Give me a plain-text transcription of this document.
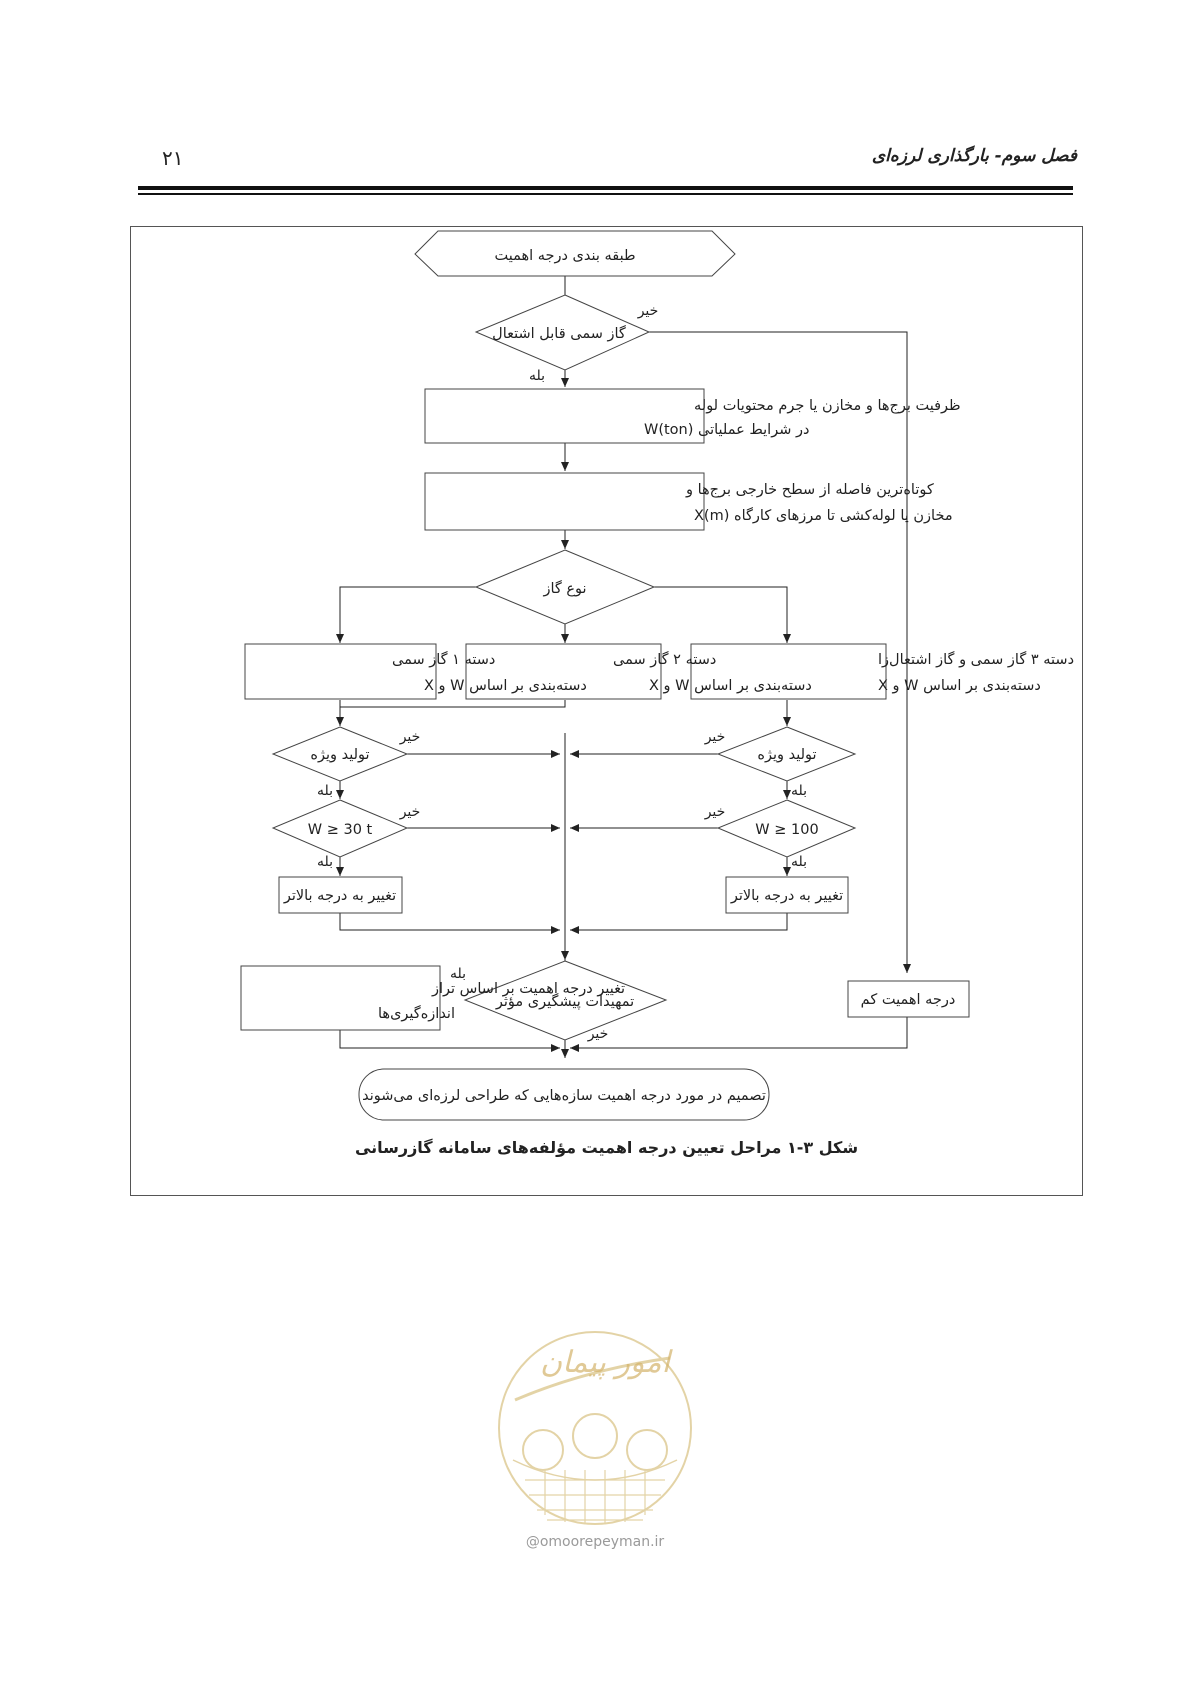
۲۱	فصل سوم- بارگذاری لرزه‌ای
طبقه بندی درجه اهمیت
گاز سمی قابل اشتعال
ظرفیت برج‌ها و مخازن یا جرم محتویات لوله
در شرایط عملیاتی W(ton)
کوتاه‌ترین فاصله از سطح خارجی برج‌ها و
مخازن یا لوله‌کشی تا مرزهای کارگاه X(m)
نوع گاز
دسته ۱ گاز سمی
دسته‌بندی بر اساس W و X
دسته ۲ گاز سمی
دسته‌بندی بر اساس W و X
دسته ۳ گاز سمی و گاز اشتعال‌زا
دسته‌بندی بر اساس W و X
تولید ویژه	تولید ویژه
W ≥ 30 t	W ≥ 100
تغییر به درجه بالاتر	تغییر به درجه بالاتر
تغییر درجه اهمیت بر اساس تراز
اندازه‌گیری‌ها
تمهیدات پیشگیری مؤثر	درجه اهمیت کم
تصمیم در مورد درجه اهمیت سازه‌هایی که طراحی لرزه‌ای می‌شوند
خیر
بله
خیر	خیر
بله	بله
خیر	خیر
بله	بله
بله
خیر
شکل ۳-۱ مراحل تعیین درجه اهمیت مؤلفه‌های سامانه گازرسانی
امور پیمان
@omoorepeyman.ir
